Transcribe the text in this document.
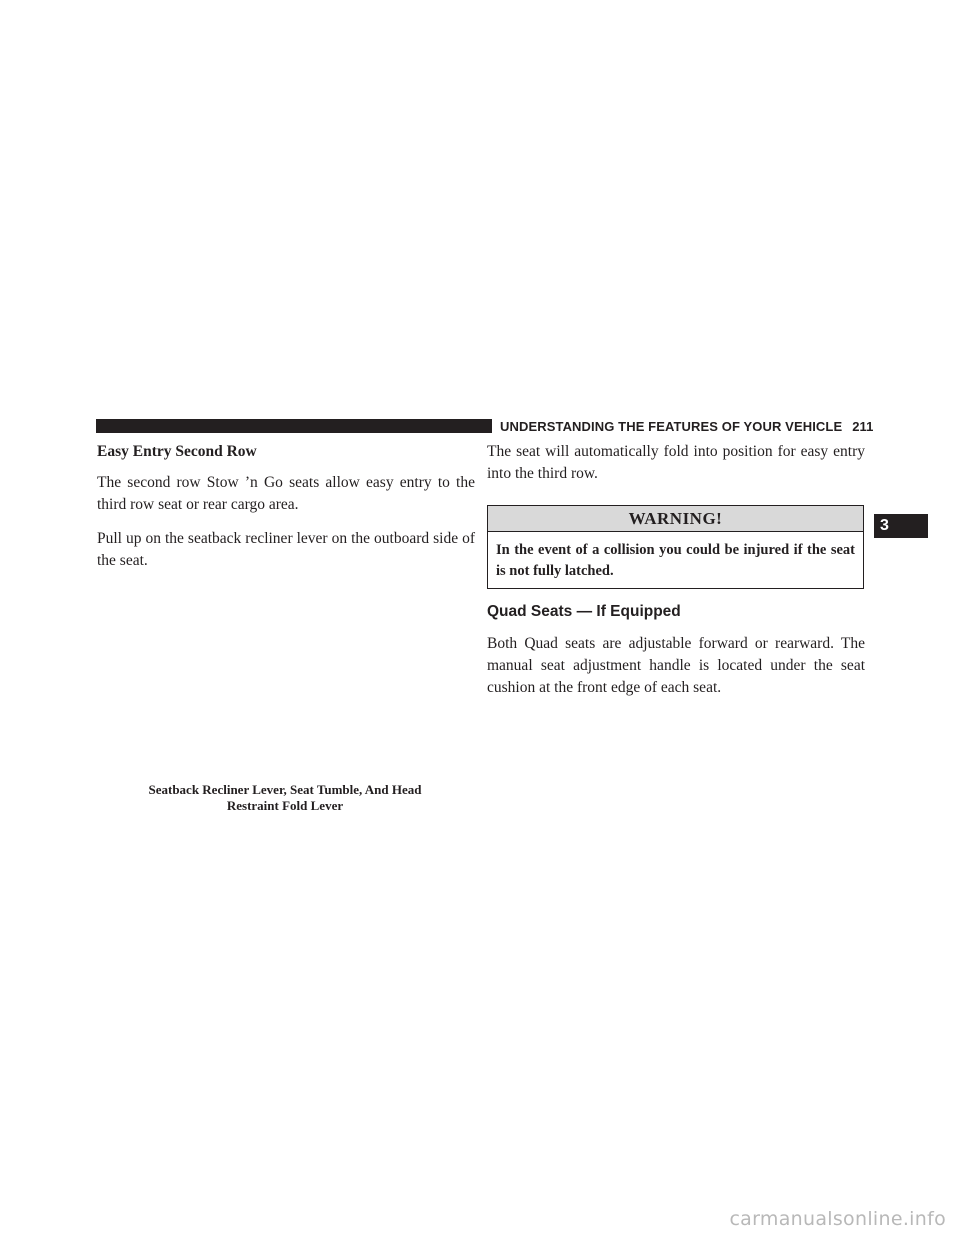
UNDERSTANDING THE FEATURES OF YOUR VEHICLE 211
Easy Entry Second Row

The second row Stow ’n Go seats allow easy entry to the third row seat or rear cargo area.

Pull up on the seatback recliner lever on the outboard side of the seat.

Seatback Recliner Lever, Seat Tumble, And Head
Restraint Fold Lever

The seat will automatically fold into position for easy entry into the third row.

WARNING!
In the event of a collision you could be injured if the seat is not fully latched.
Quad Seats — If Equipped

Both Quad seats are adjustable forward or rearward. The manual seat adjustment handle is located under the seat cushion at the front edge of each seat.

3
carmanualsonline.info
